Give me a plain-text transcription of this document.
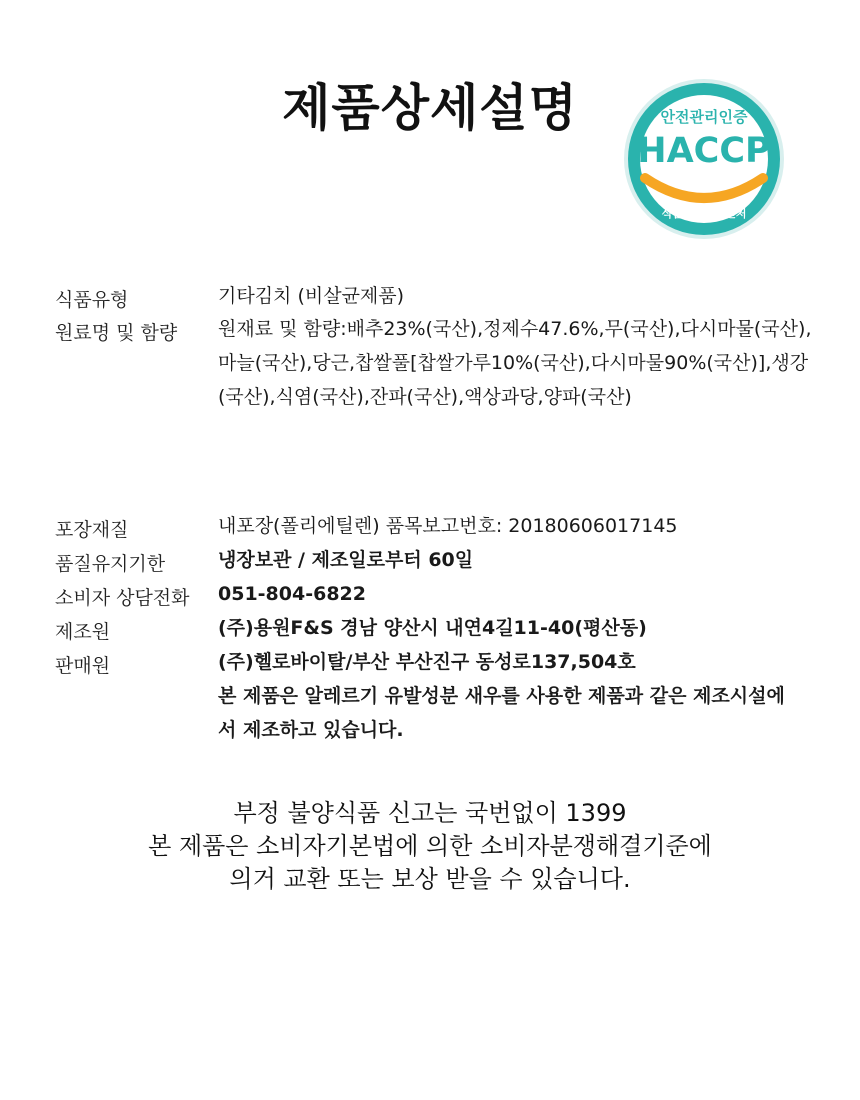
제품상세설명	안전관리인증
HACCP
식품의약품안전처
식품유형	기타김치 (비살균제품)
원료명 및 함량	원재료 및 함량:배추23%(국산),정제수47.6%,무(국산),다시마물(국산),
마늘(국산),당근,찹쌀풀[찹쌀가루10%(국산),다시마물90%(국산)],생강
(국산),식염(국산),잔파(국산),액상과당,양파(국산)
포장재질	내포장(폴리에틸렌) 품목보고번호: 20180606017145
품질유지기한	냉장보관 / 제조일로부터 60일
소비자 상담전화	051-804-6822
제조원	(주)용원F&S 경남 양산시 내연4길11-40(평산동)
판매원	(주)헬로바이탈/부산 부산진구 동성로137,504호
본 제품은 알레르기 유발성분 새우를 사용한 제품과 같은 제조시설에
서 제조하고 있습니다.
부정 불양식품 신고는 국번없이 1399
본 제품은 소비자기본법에 의한 소비자분쟁해결기준에
의거 교환 또는 보상 받을 수 있습니다.
